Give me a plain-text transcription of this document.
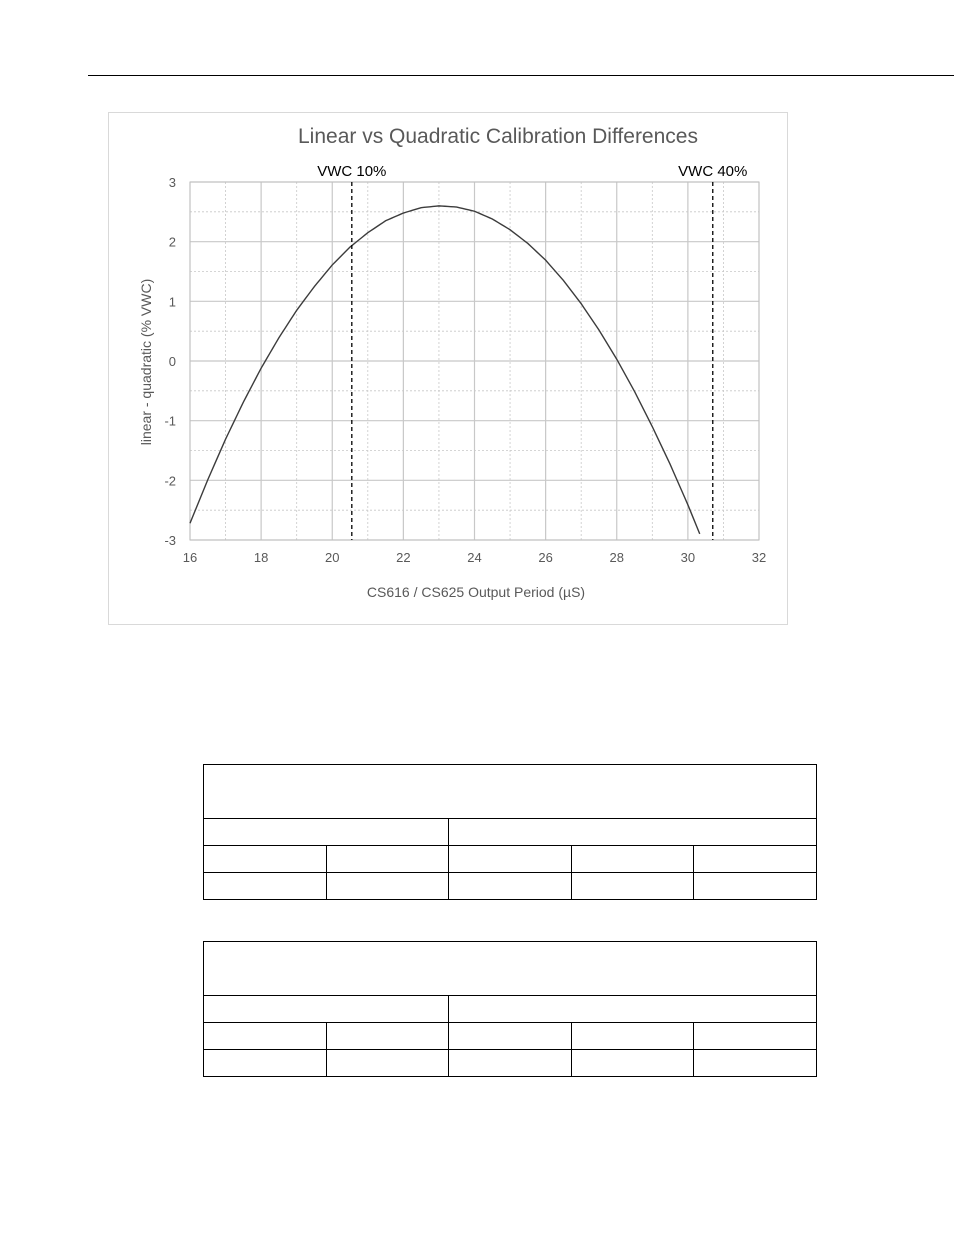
VWC 10%	VWC 40%
16	18	20	22	24	26	28	30	32
3
2
1
0
-1
-2
-3
Linear vs Quadratic Calibration Differences
CS616 / CS625 Output Period (µS)
linear - quadratic (% VWC)
